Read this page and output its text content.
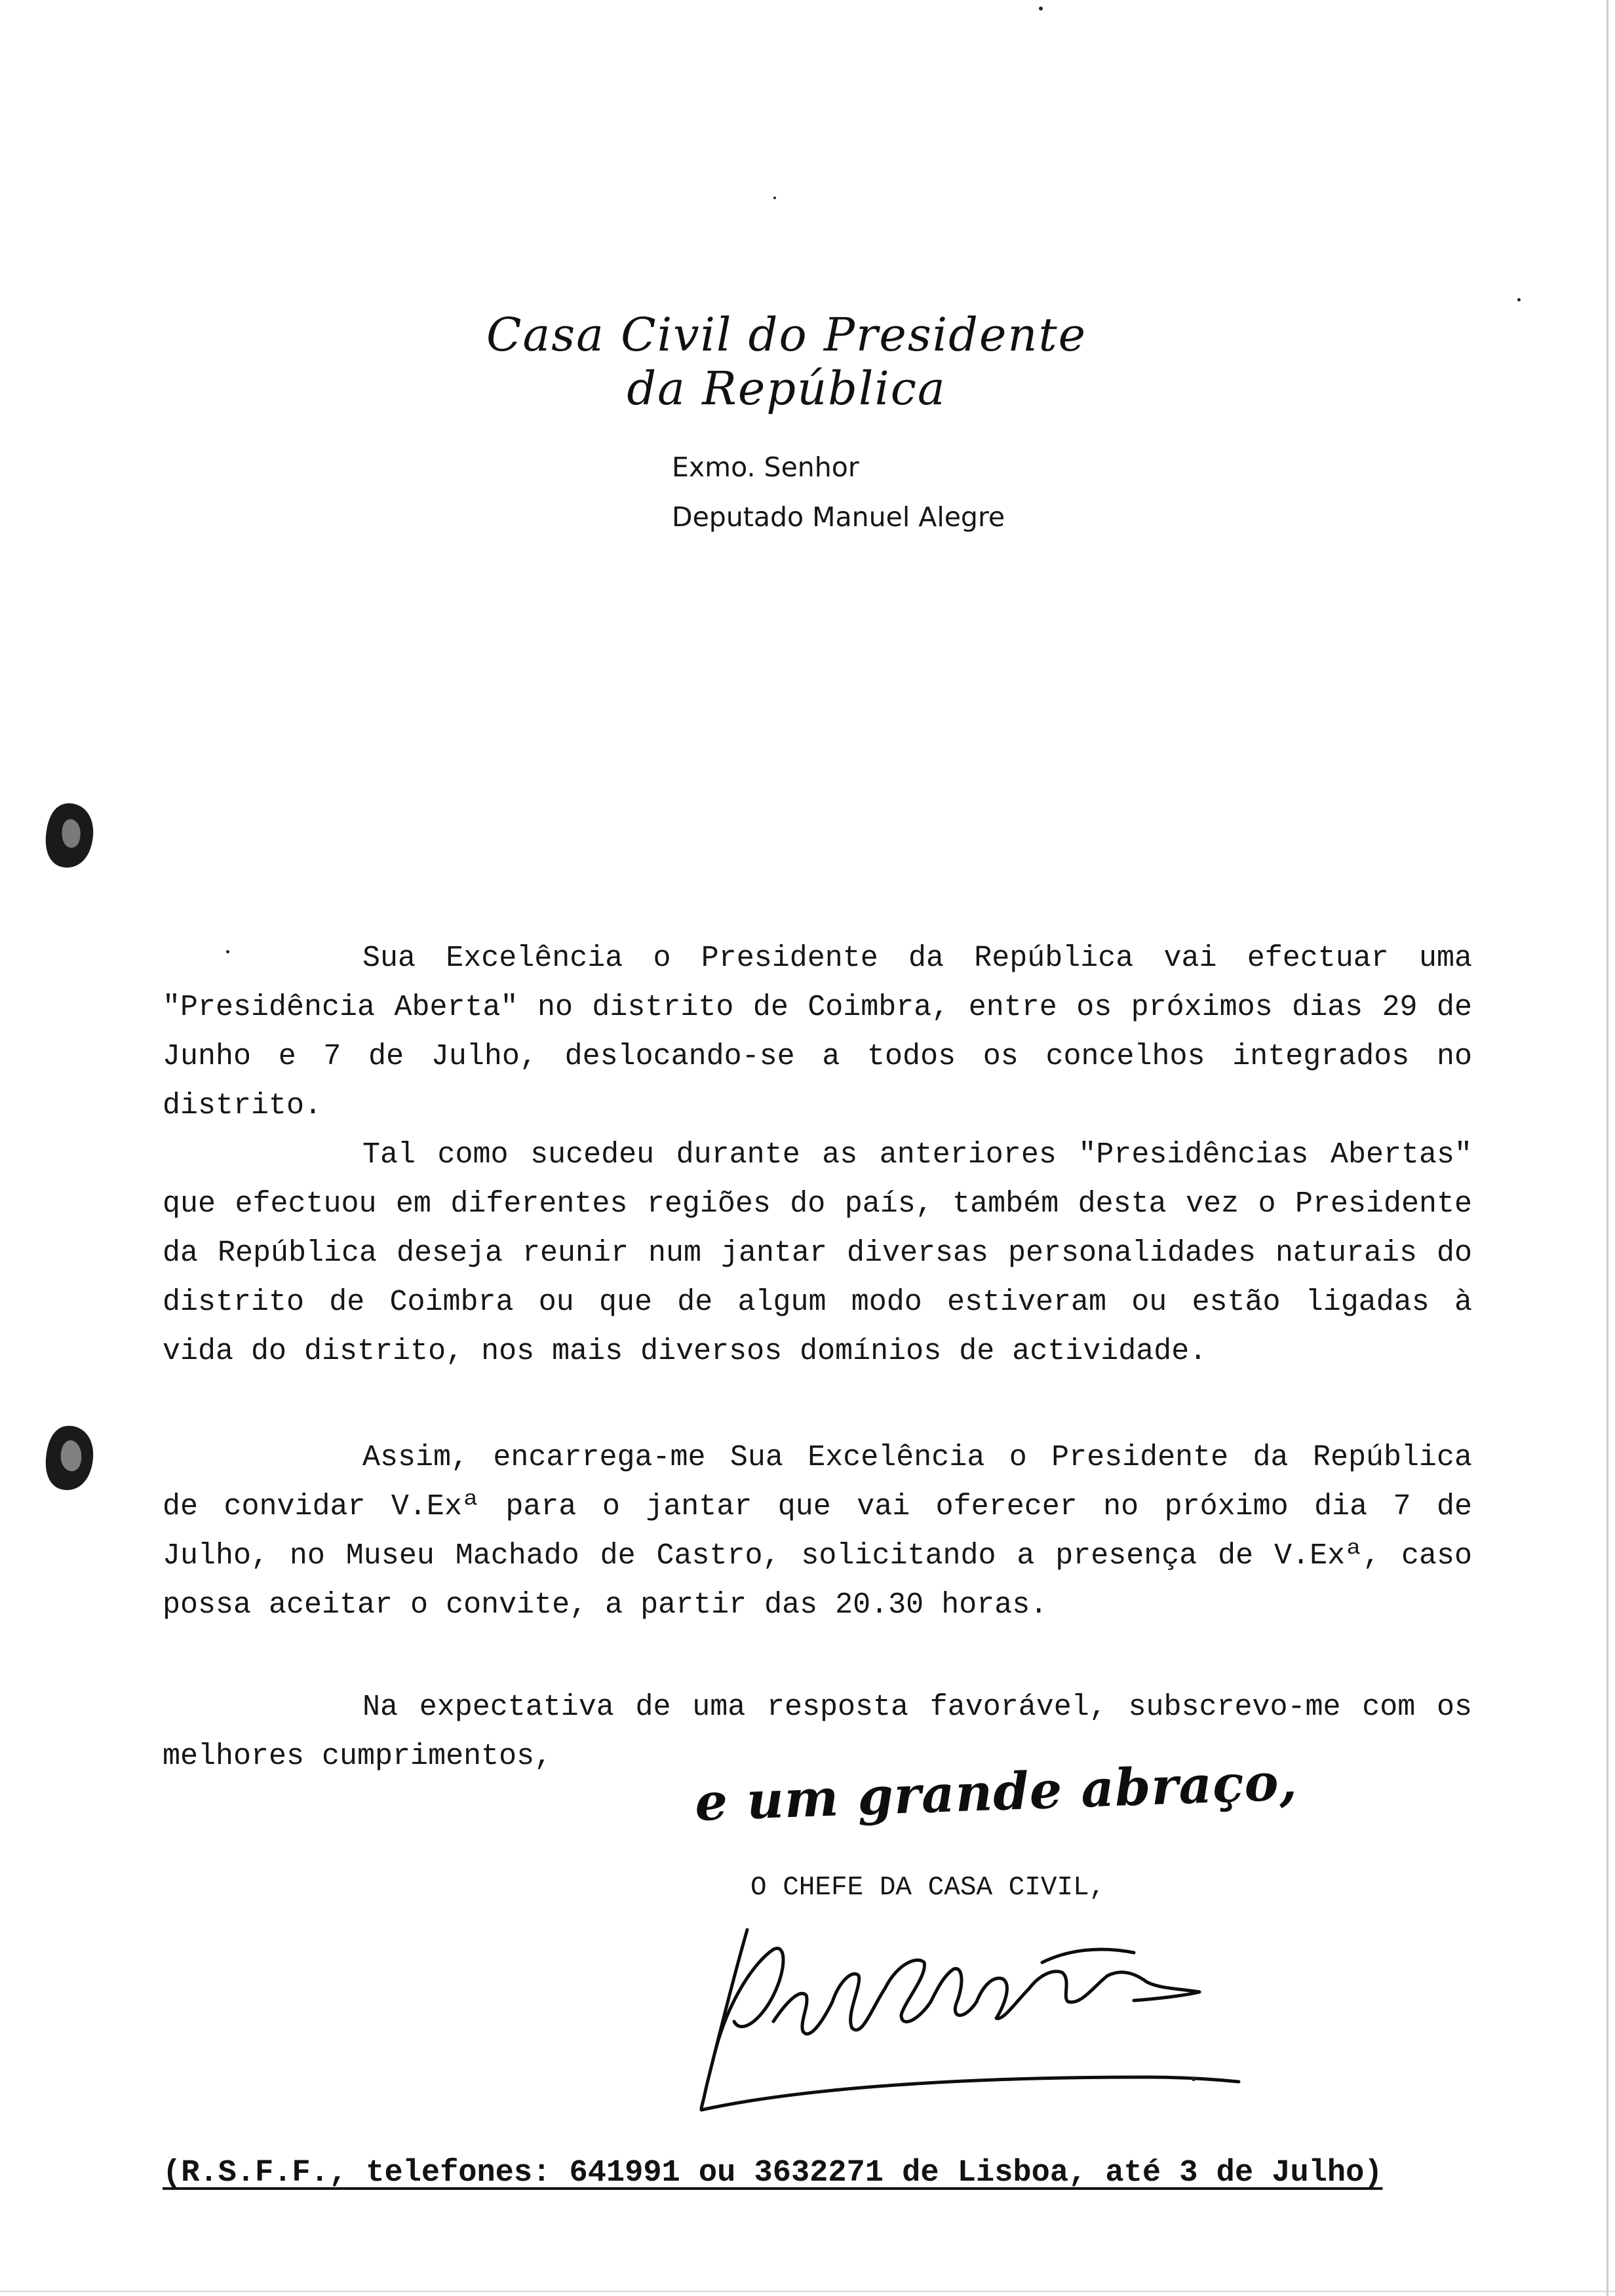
Casa Civil do Presidente da República
Exmo. Senhor
Deputado Manuel Alegre
Sua Excelência o Presidente da República vai efectuar uma "Presidência Aberta" no distrito de Coimbra, entre os próximos dias 29 de Junho e 7 de Julho, deslocando-se a todos os concelhos integrados no distrito.
Tal como sucedeu durante as anteriores "Presidências Abertas" que efectuou em diferentes regiões do país, também desta vez o Presidente da República deseja reunir num jantar diversas personalidades naturais do distrito de Coimbra ou que de algum modo estiveram ou estão ligadas à vida do distrito, nos mais diversos domínios de actividade.
Assim, encarrega-me Sua Excelência o Presidente da República de convidar V.Exª para o jantar que vai oferecer no próximo dia 7 de Julho, no Museu Machado de Castro, solicitando a presença de V.Exª, caso possa aceitar o convite, a partir das 20.30 horas.
Na expectativa de uma resposta favorável, subscrevo-me com os melhores cumprimentos,	e um grande abraço,
O CHEFE DA CASA CIVIL,
(R.S.F.F., telefones: 641991 ou 3632271 de Lisboa, até 3 de Julho)
